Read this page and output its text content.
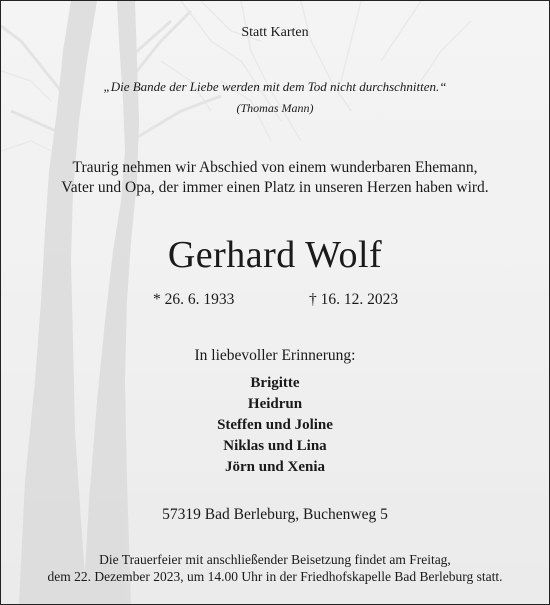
Statt Karten
„Die Bande der Liebe werden mit dem Tod nicht durchschnitten.“
(Thomas Mann)
Traurig nehmen wir Abschied von einem wunderbaren Ehemann,
Vater und Opa, der immer einen Platz in unseren Herzen haben wird.
Gerhard Wolf
* 26. 6. 1933	† 16. 12. 2023
In liebevoller Erinnerung:
Brigitte
Heidrun
Steffen und Joline
Niklas und Lina
Jörn und Xenia
57319 Bad Berleburg, Buchenweg 5
Die Trauerfeier mit anschließender Beisetzung findet am Freitag,
dem 22. Dezember 2023, um 14.00 Uhr in der Friedhofskapelle Bad Berleburg statt.
